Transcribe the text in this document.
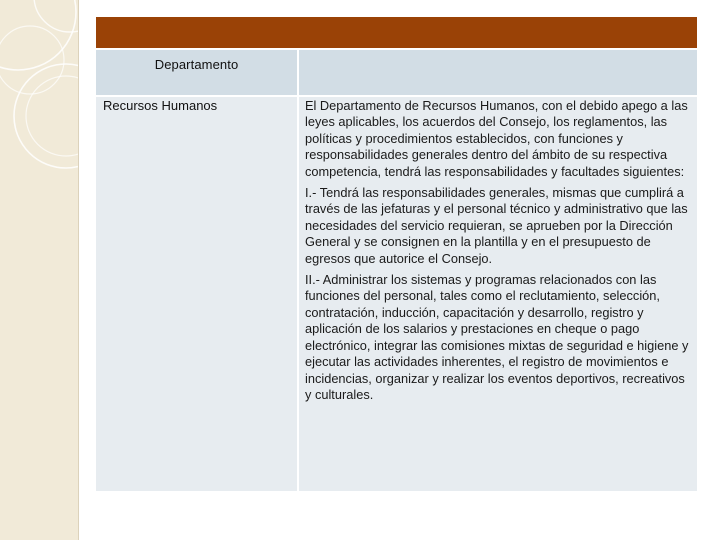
Departamento	

Recursos Humanos	El Departamento de Recursos Humanos, con el debido apego a las leyes aplicables, los acuerdos del Consejo, los reglamentos, las políticas y procedimientos establecidos, con funciones y responsabilidades generales dentro del ámbito de su respectiva competencia, tendrá las responsabilidades y facultades siguientes:

I.- Tendrá las responsabilidades generales, mismas que cumplirá a través de las jefaturas y el personal técnico y administrativo que las necesidades del servicio requieran, se aprueben por la Dirección General y se consignen en la plantilla y en el presupuesto de egresos que autorice el Consejo.

II.- Administrar los sistemas y programas relacionados con las funciones del personal, tales como el reclutamiento, selección, contratación, inducción, capacitación y desarrollo, registro y aplicación de los salarios y prestaciones en cheque o pago electrónico, integrar las comisiones mixtas de seguridad e higiene y ejecutar las actividades inherentes, el registro de movimientos e incidencias, organizar y realizar los eventos deportivos, recreativos y culturales.
